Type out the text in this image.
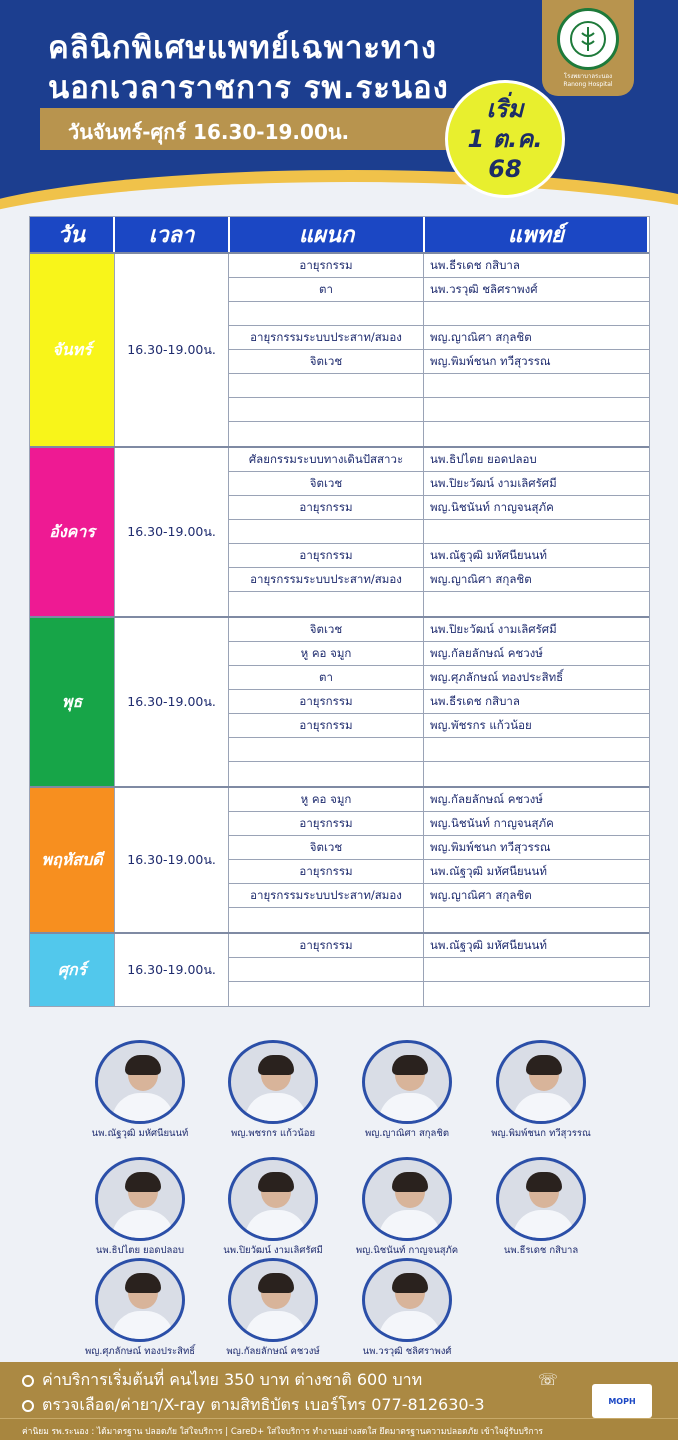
คลินิกพิเศษแพทย์เฉพาะทาง
นอกเวลาราชการ รพ.ระนอง
วันจันทร์-ศุกร์ 16.30-19.00น.
โรงพยาบาลระนอง
Ranong Hospital
เริ่ม
1 ต.ค.
68
วัน	เวลา	แผนก	แพทย์
จันทร์	16.30-19.00น.
อายุรกรรม	นพ.ธีรเดช กสิบาล
ตา	นพ.วรวุฒิ ชลิศราพงศ์
อายุรกรรมระบบประสาท/สมอง	พญ.ญาณิศา สกุลชิต
จิตเวช	พญ.พิมพ์ชนก ทวีสุวรรณ
อังคาร	16.30-19.00น.
ศัลยกรรมระบบทางเดินปัสสาวะ	นพ.ธิปไตย ยอดปลอบ
จิตเวช	นพ.ปิยะวัฒน์ งามเลิศรัศมี
อายุรกรรม	พญ.นิชนันท์ กาญจนสุภัค
อายุรกรรม	นพ.ณัฐวุฒิ มหัศนียนนท์
อายุรกรรมระบบประสาท/สมอง	พญ.ญาณิศา สกุลชิต
พุธ	16.30-19.00น.
จิตเวช	นพ.ปิยะวัฒน์ งามเลิศรัศมี
หู คอ จมูก	พญ.กัลยลักษณ์ คชวงษ์
ตา	พญ.ศุภลักษณ์ ทองประสิทธิ์
อายุรกรรม	นพ.ธีรเดช กสิบาล
อายุรกรรม	พญ.พัชรกร แก้วน้อย
พฤหัสบดี	16.30-19.00น.
หู คอ จมูก	พญ.กัลยลักษณ์ คชวงษ์
อายุรกรรม	พญ.นิชนันท์ กาญจนสุภัค
จิตเวช	พญ.พิมพ์ชนก ทวีสุวรรณ
อายุรกรรม	นพ.ณัฐวุฒิ มหัศนียนนท์
อายุรกรรมระบบประสาท/สมอง	พญ.ญาณิศา สกุลชิต
ศุกร์	16.30-19.00น.
อายุรกรรม	นพ.ณัฐวุฒิ มหัศนียนนท์
นพ.ณัฐวุฒิ มหัศนียนนท์	พญ.พชรกร แก้วน้อย	พญ.ญาณิศา สกุลชิต	พญ.พิมพ์ชนก ทวีสุวรรณ
นพ.ธิปไตย ยอดปลอบ	นพ.ปิยวัฒน์ งามเลิศรัศมี	พญ.นิชนันท์ กาญจนสุภัค	นพ.ธีรเดช กสิบาล
พญ.ศุภลักษณ์ ทองประสิทธิ์	พญ.กัลยลักษณ์ คชวงษ์	นพ.วรวุฒิ ชลิศราพงศ์
ค่าบริการเริ่มต้นที่ คนไทย 350 บาท ต่างชาติ 600 บาท	☏
ตรวจเลือด/ค่ายา/X-ray ตามสิทธิบัตร เบอร์โทร 077-812630-3	MOPH
ค่านิยม รพ.ระนอง : ได้มาตรฐาน ปลอดภัย ใส่ใจบริการ | CareD+ ใส่ใจบริการ ทำงานอย่างสดใส ยึดมาตรฐานความปลอดภัย เข้าใจผู้รับบริการ
